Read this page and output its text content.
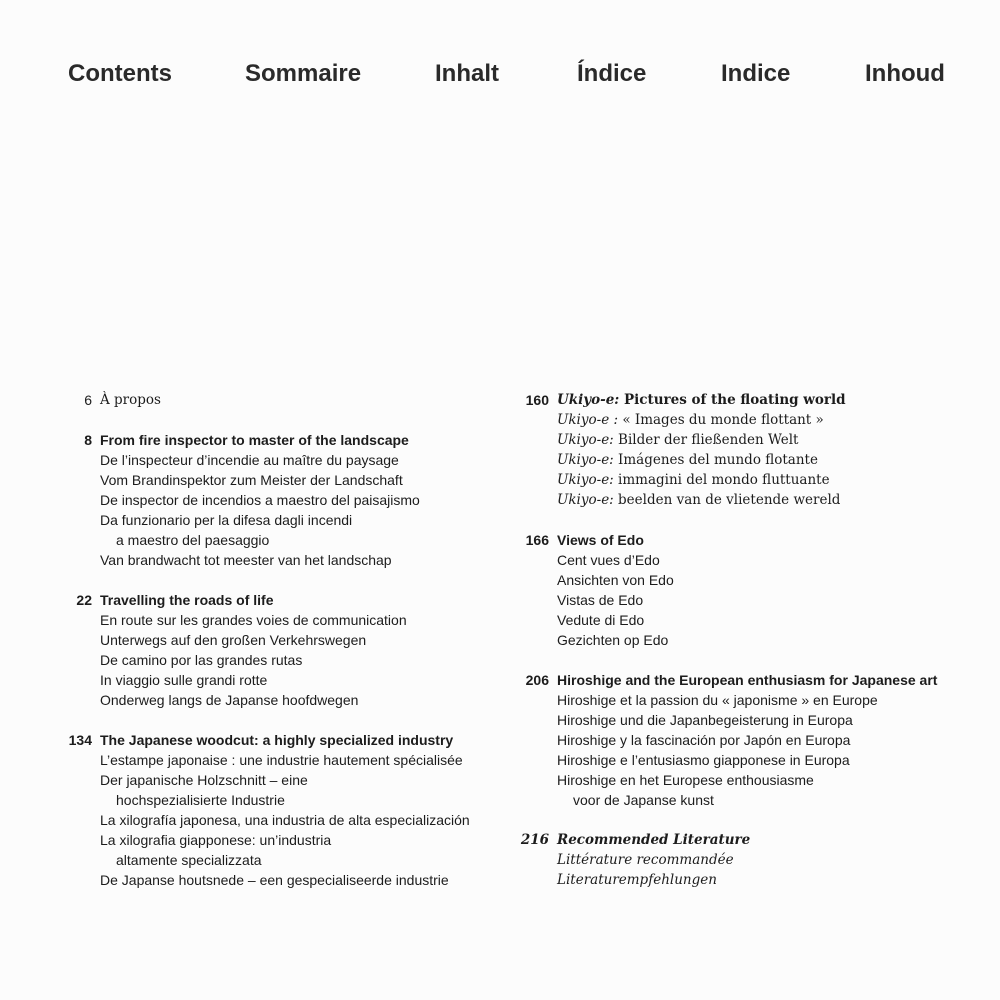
Contents	Sommaire	Inhalt	Índice	Indice	Inhoud
6 À propos
8 From fire inspector to master of the landscape
De l’inspecteur d’incendie au maître du paysage
Vom Brandinspektor zum Meister der Landschaft
De inspector de incendios a maestro del paisajismo
Da funzionario per la difesa dagli incendi
a maestro del paesaggio
Van brandwacht tot meester van het landschap
22 Travelling the roads of life
En route sur les grandes voies de communication
Unterwegs auf den großen Verkehrswegen
De camino por las grandes rutas
In viaggio sulle grandi rotte
Onderweg langs de Japanse hoofdwegen
134 The Japanese woodcut: a highly specialized industry
L’estampe japonaise : une industrie hautement spécialisée
Der japanische Holzschnitt – eine
hochspezialisierte Industrie
La xilografía japonesa, una industria de alta especialización
La xilografia giapponese: un’industria
altamente specializzata
De Japanse houtsnede – een gespecialiseerde industrie
160 Ukiyo-e: Pictures of the floating world
Ukiyo-e : « Images du monde flottant »
Ukiyo-e: Bilder der fließenden Welt
Ukiyo-e: Imágenes del mundo flotante
Ukiyo-e: immagini del mondo fluttuante
Ukiyo-e: beelden van de vlietende wereld
166 Views of Edo
Cent vues d’Edo
Ansichten von Edo
Vistas de Edo
Vedute di Edo
Gezichten op Edo
206 Hiroshige and the European enthusiasm for Japanese art
Hiroshige et la passion du « japonisme » en Europe
Hiroshige und die Japanbegeisterung in Europa
Hiroshige y la fascinación por Japón en Europa
Hiroshige e l’entusiasmo giapponese in Europa
Hiroshige en het Europese enthousiasme
voor de Japanse kunst
216 Recommended Literature
Littérature recommandée
Literaturempfehlungen
